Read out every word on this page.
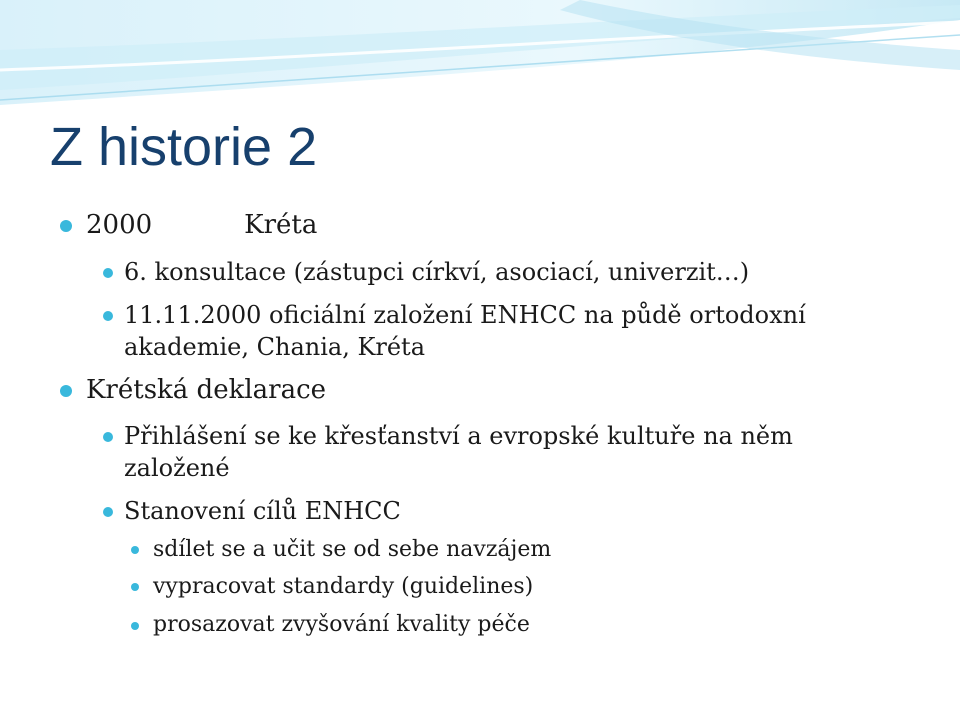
Z historie 2
2000	Kréta
6. konsultace (zástupci církví, asociací, univerzit…)
11.11.2000 oficiální založení ENHCC na půdě ortodoxní
akademie, Chania, Kréta
Krétská deklarace
Přihlášení se ke křesťanství a evropské kultuře na něm
založené
Stanovení cílů ENHCC
sdílet se a učit se od sebe navzájem
vypracovat standardy (guidelines)
prosazovat zvyšování kvality péče
